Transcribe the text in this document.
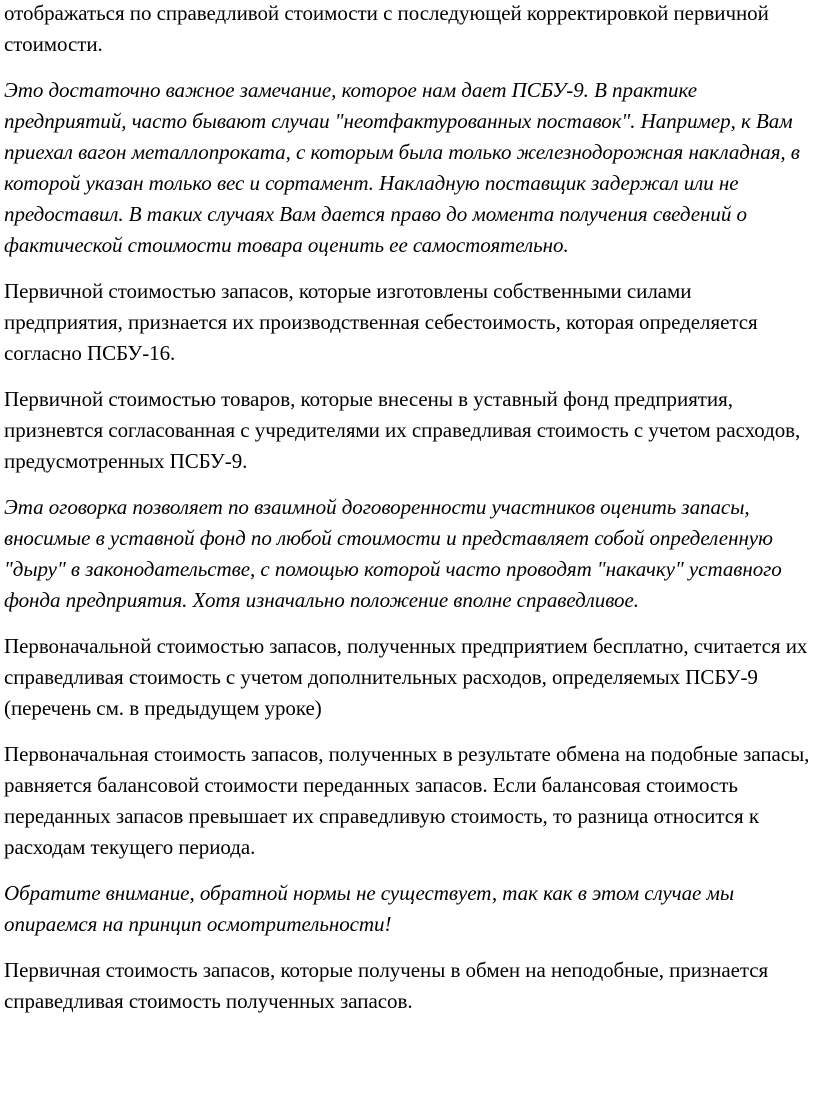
отображаться по справедливой стоимости с последующей корректировкой первичной стоимости.

Это достаточно важное замечание, которое нам дает ПСБУ-9. В практике предприятий, часто бывают случаи "неотфактурованных поставок". Например, к Вам приехал вагон металлопроката, с которым была только железнодорожная накладная, в которой указан только вес и сортамент. Накладную поставщик задержал или не предоставил. В таких случаях Вам дается право до момента получения сведений о фактической стоимости товара оценить ее самостоятельно.

Первичной стоимостью запасов, которые изготовлены собственными силами предприятия, признается их производственная себестоимость, которая определяется согласно ПСБУ-16.

Первичной стоимостью товаров, которые внесены в уставный фонд предприятия, призневтся согласованная с учредителями их справедливая стоимость с учетом расходов, предусмотренных ПСБУ-9.

Эта оговорка позволяет по взаимной договоренности участников оценить запасы, вносимые в уставной фонд по любой стоимости и представляет собой определенную "дыру" в законодательстве, с помощью которой часто проводят "накачку" уставного фонда предприятия. Хотя изначально положение вполне справедливое.

Первоначальной стоимостью запасов, полученных предприятием бесплатно, считается их справедливая стоимость с учетом дополнительных расходов, определяемых ПСБУ-9 (перечень см. в предыдущем уроке)

Первоначальная стоимость запасов, полученных в результате обмена на подобные запасы, равняется балансовой стоимости переданных запасов. Если балансовая стоимость переданных запасов превышает их справедливую стоимость, то разница относится к расходам текущего периода.

Обратите внимание, обратной нормы не существует, так как в этом случае мы опираемся на принцип осмотрительности!

Первичная стоимость запасов, которые получены в обмен на неподобные, признается справедливая стоимость полученных запасов.
